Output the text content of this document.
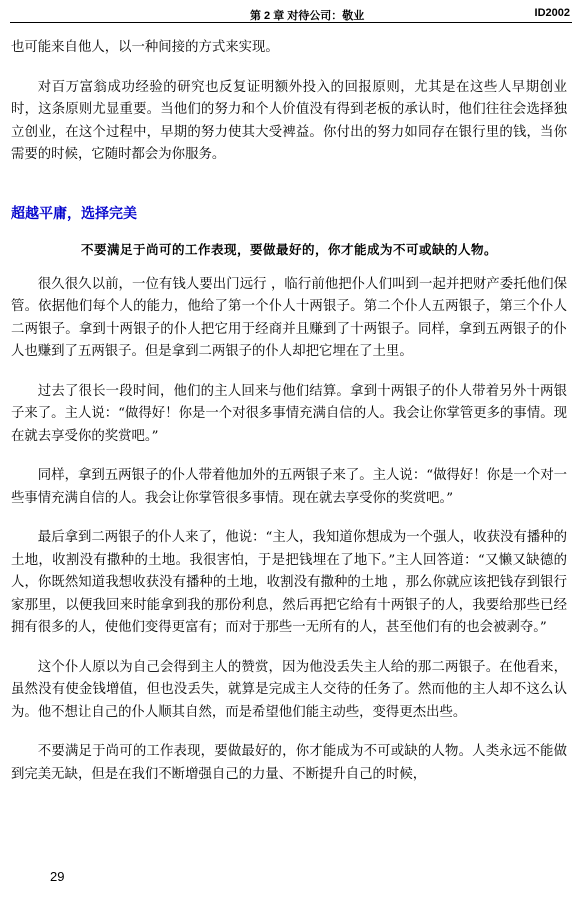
第 2 章 对待公司：敬业	ID2002

也可能来自他人，以一种间接的方式来实现。

对百万富翁成功经验的研究也反复证明额外投入的回报原则，尤其是在这些人早期创业时，这条原则尤显重要。当他们的努力和个人价值没有得到老板的承认时，他们往往会选择独立创业，在这个过程中，早期的努力使其大受裨益。你付出的努力如同存在银行里的钱，当你需要的时候，它随时都会为你服务。

超越平庸，选择完美
不要满足于尚可的工作表现，要做最好的，你才能成为不可或缺的人物。

很久很久以前，一位有钱人要出门远行 ，临行前他把仆人们叫到一起并把财产委托他们保管。依据他们每个人的能力，他给了第一个仆人十两银子。第二个仆人五两银子，第三个仆人二两银子。拿到十两银子的仆人把它用于经商并且赚到了十两银子。同样，拿到五两银子的仆人也赚到了五两银子。但是拿到二两银子的仆人却把它埋在了土里。

过去了很长一段时间，他们的主人回来与他们结算。拿到十两银子的仆人带着另外十两银子来了。主人说：“做得好！你是一个对很多事情充满自信的人。我会让你掌管更多的事情。现在就去享受你的奖赏吧。”

同样，拿到五两银子的仆人带着他加外的五两银子来了。主人说：“做得好！你是一个对一些事情充满自信的人。我会让你掌管很多事情。现在就去享受你的奖赏吧。”

最后拿到二两银子的仆人来了，他说：“主人，我知道你想成为一个强人，收获没有播种的土地，收割没有撒种的土地。我很害怕，于是把钱埋在了地下。”主人回答道：“又懒又缺德的人，你既然知道我想收获没有播种的土地，收割没有撒种的土地 ，那么你就应该把钱存到银行家那里，以便我回来时能拿到我的那份利息，然后再把它给有十两银子的人，我要给那些已经拥有很多的人，使他们变得更富有；而对于那些一无所有的人，甚至他们有的也会被剥夺。”

这个仆人原以为自己会得到主人的赞赏，因为他没丢失主人给的那二两银子。在他看来，虽然没有使金钱增值，但也没丢失，就算是完成主人交待的任务了。然而他的主人却不这么认为。他不想让自己的仆人顺其自然，而是希望他们能主动些，变得更杰出些。

不要满足于尚可的工作表现，要做最好的，你才能成为不可或缺的人物。人类永远不能做到完美无缺，但是在我们不断增强自己的力量、不断提升自己的时候，

29
